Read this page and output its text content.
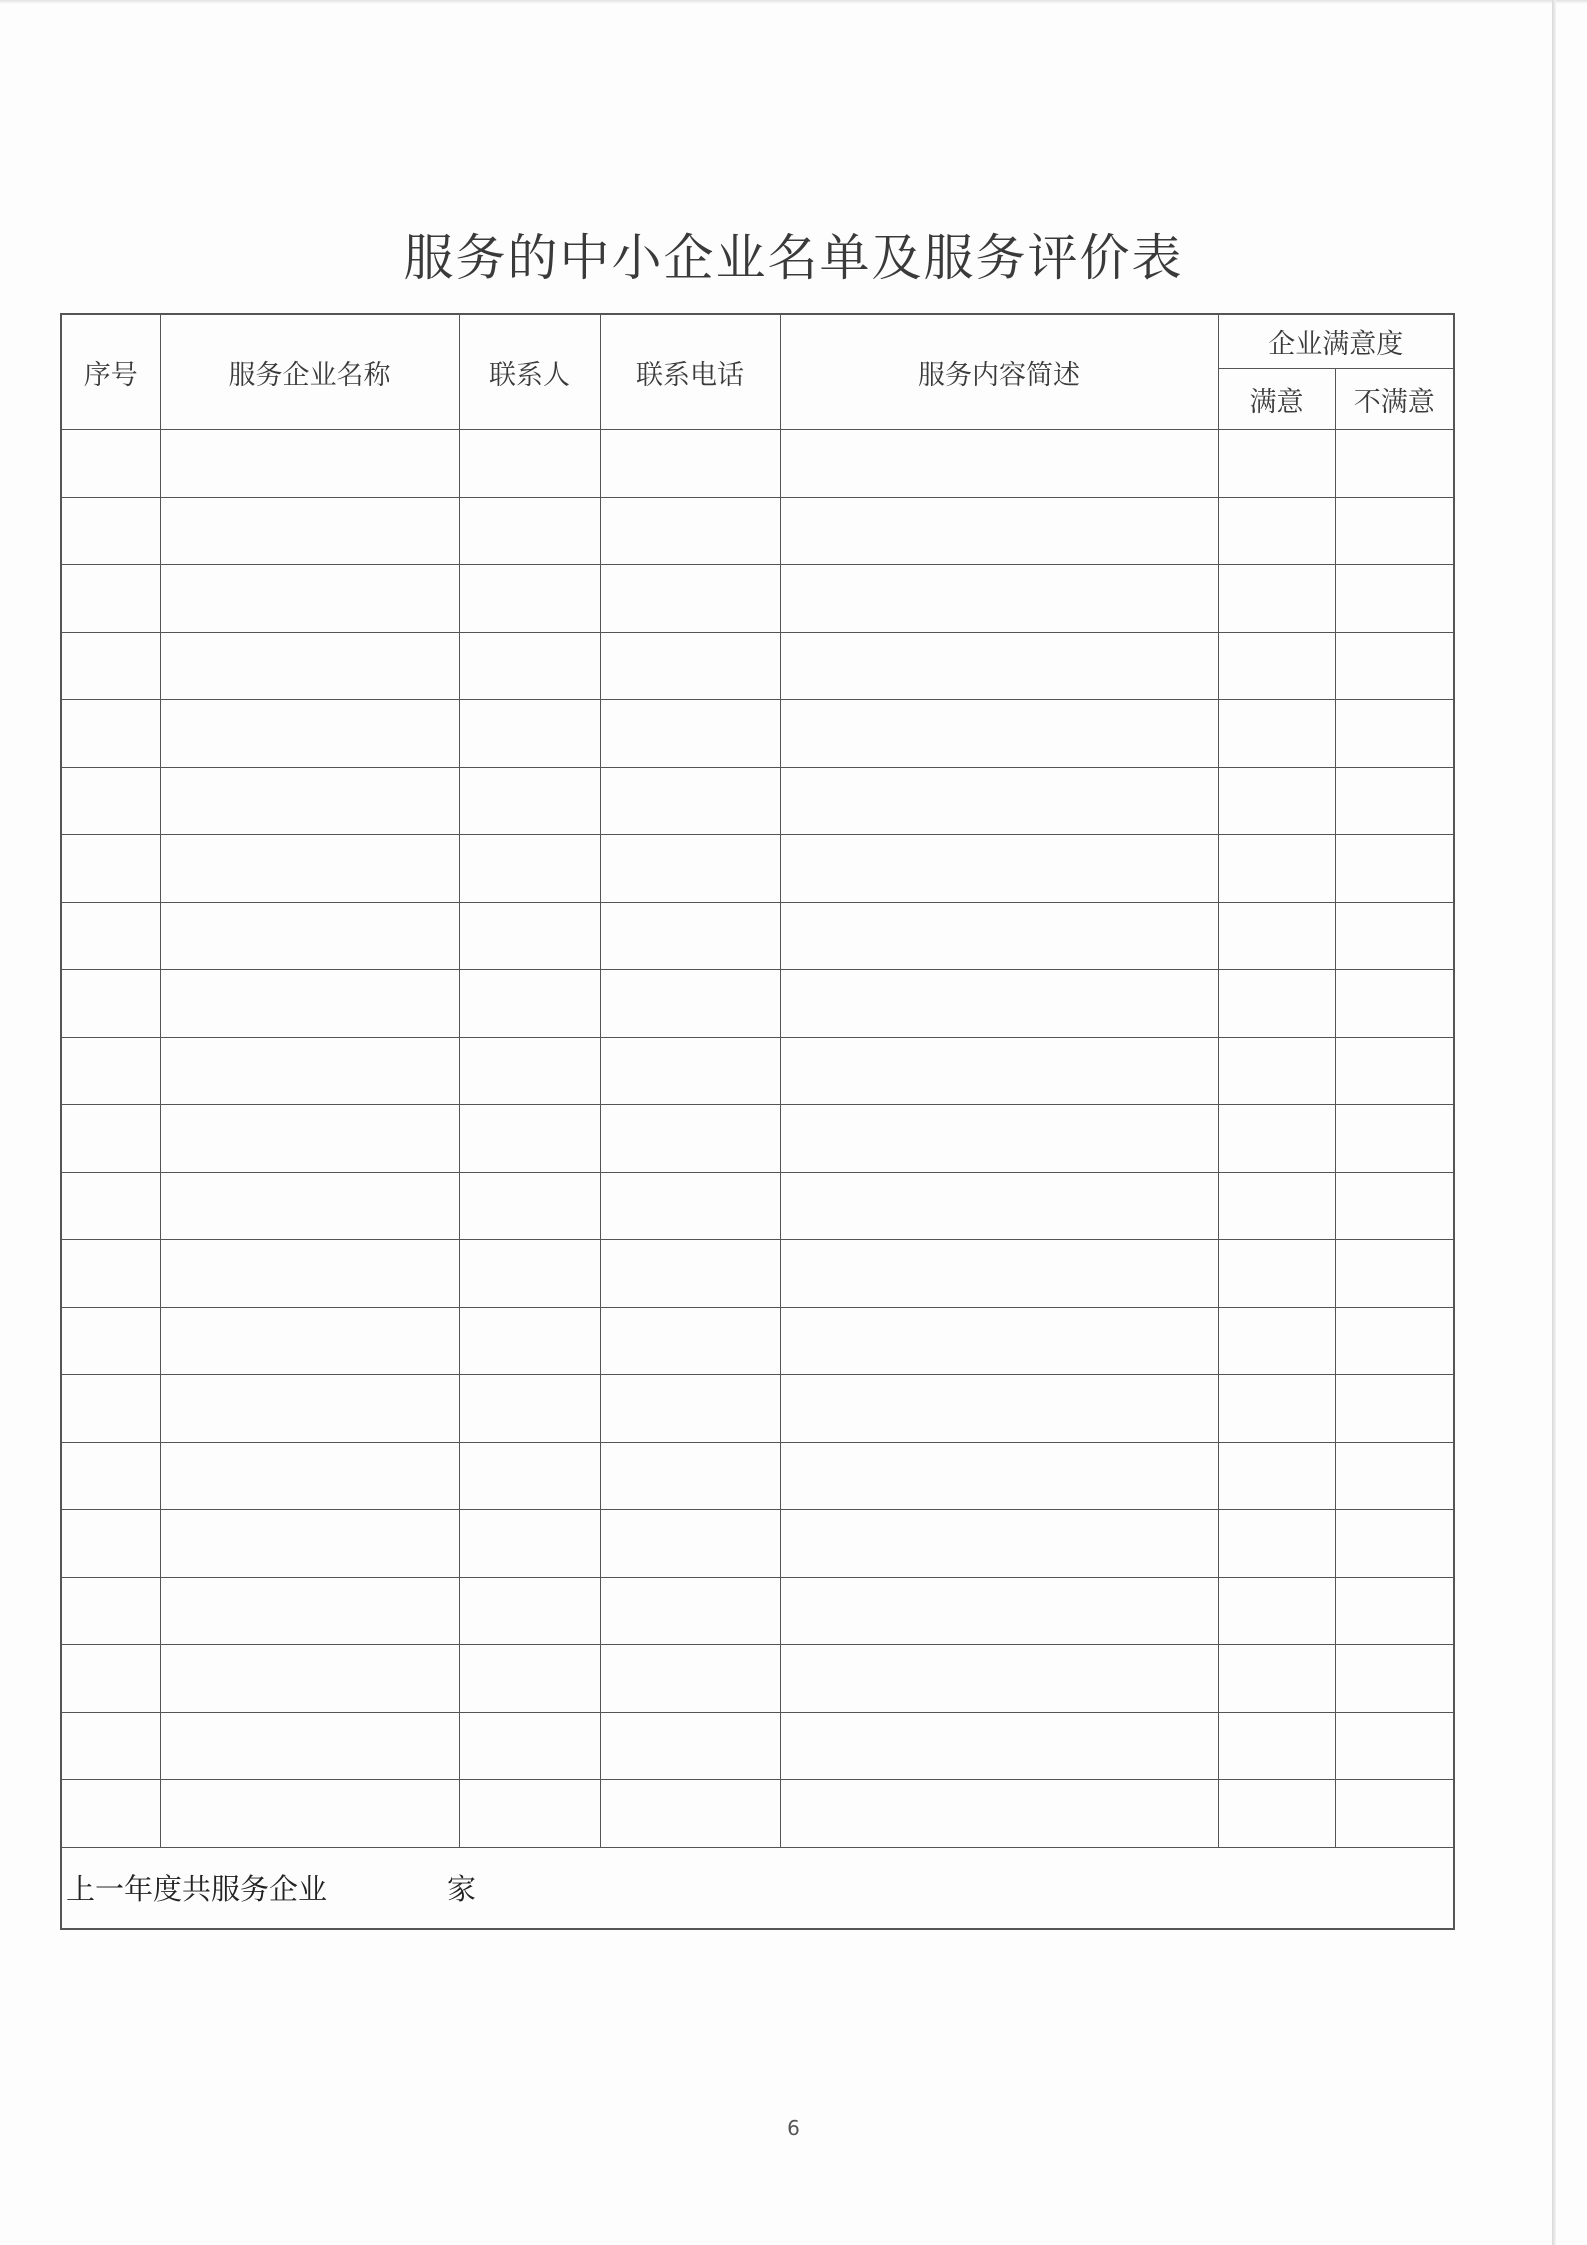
服务的中小企业名单及服务评价表
序号	服务企业名称	联系人	联系电话	服务内容简述	企业满意度	
					满意	不满意

上一年度共服务企业 家						
6
